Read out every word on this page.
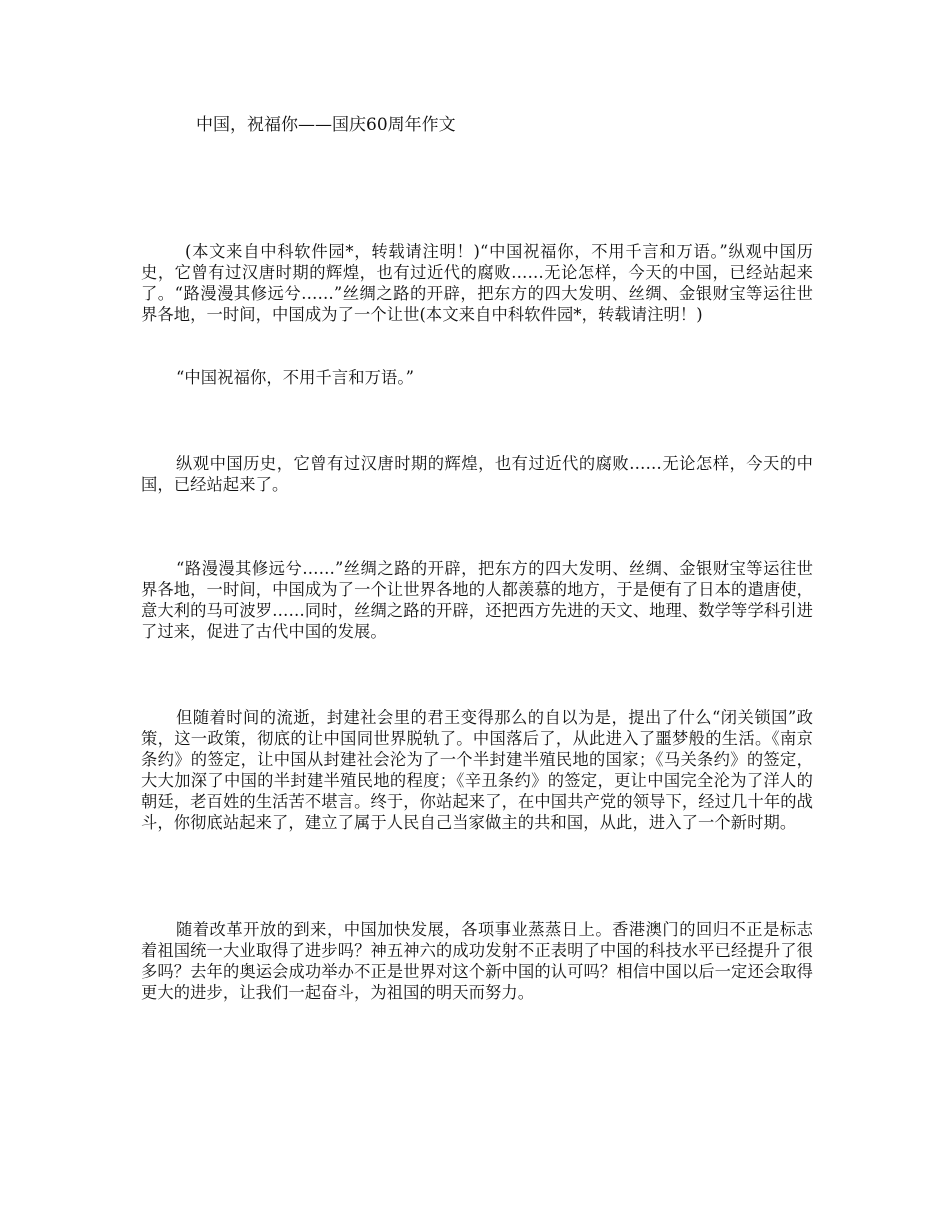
中国，祝福你——国庆60周年作文

(本文来自中科软件园*，转载请注明！)“中国祝福你，不用千言和万语。”纵观中国历史，它曾有过汉唐时期的辉煌，也有过近代的腐败……无论怎样，今天的中国，已经站起来了。“路漫漫其修远兮……”丝绸之路的开辟，把东方的四大发明、丝绸、金银财宝等运往世界各地，一时间，中国成为了一个让世(本文来自中科软件园*，转载请注明！)

“中国祝福你，不用千言和万语。”

纵观中国历史，它曾有过汉唐时期的辉煌，也有过近代的腐败……无论怎样，今天的中国，已经站起来了。

“路漫漫其修远兮……”丝绸之路的开辟，把东方的四大发明、丝绸、金银财宝等运往世界各地，一时间，中国成为了一个让世界各地的人都羡慕的地方，于是便有了日本的遣唐使，意大利的马可波罗……同时，丝绸之路的开辟，还把西方先进的天文、地理、数学等学科引进了过来，促进了古代中国的发展。

但随着时间的流逝，封建社会里的君王变得那么的自以为是，提出了什么“闭关锁国”政策，这一政策，彻底的让中国同世界脱轨了。中国落后了，从此进入了噩梦般的生活。《南京条约》的签定，让中国从封建社会沦为了一个半封建半殖民地的国家；《马关条约》的签定，大大加深了中国的半封建半殖民地的程度；《辛丑条约》的签定，更让中国完全沦为了洋人的朝廷，老百姓的生活苦不堪言。终于，你站起来了，在中国共产党的领导下，经过几十年的战斗，你彻底站起来了，建立了属于人民自己当家做主的共和国，从此，进入了一个新时期。

随着改革开放的到来，中国加快发展，各项事业蒸蒸日上。香港澳门的回归不正是标志着祖国统一大业取得了进步吗？神五神六的成功发射不正表明了中国的科技水平已经提升了很多吗？去年的奥运会成功举办不正是世界对这个新中国的认可吗？相信中国以后一定还会取得更大的进步，让我们一起奋斗，为祖国的明天而努力。
